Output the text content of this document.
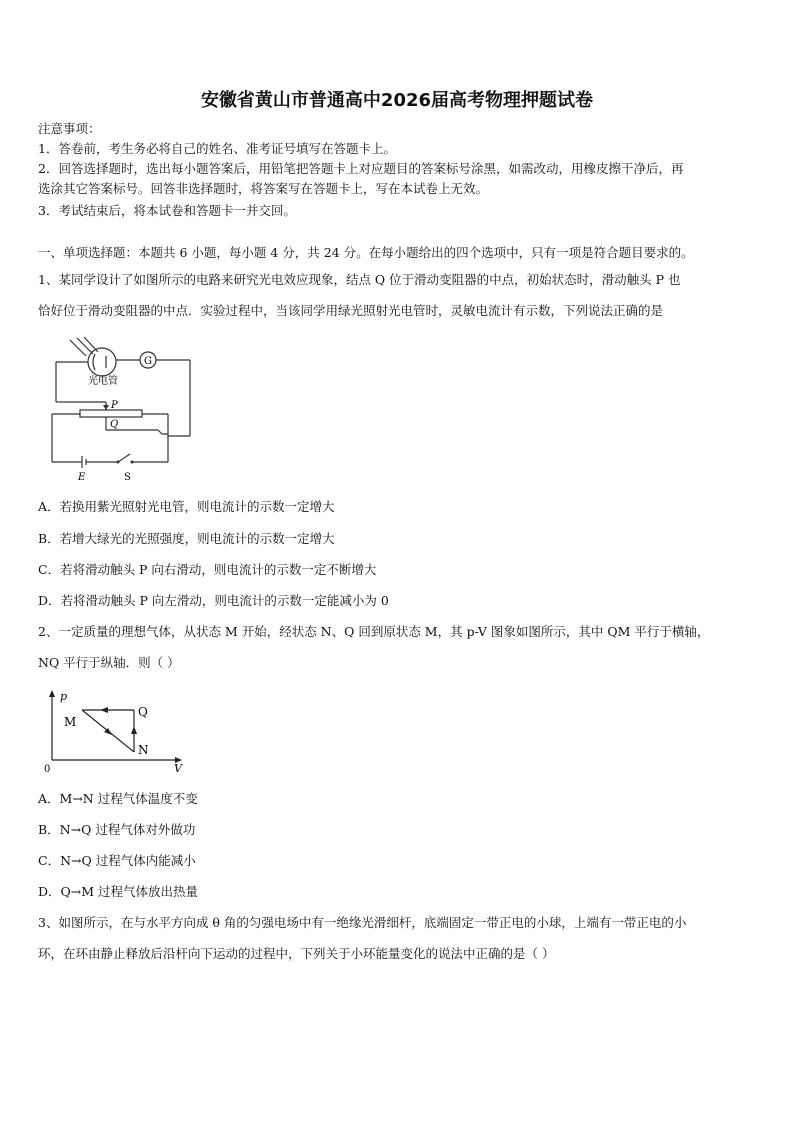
安徽省黄山市普通高中2026届高考物理押题试卷
注意事项：
1．答卷前，考生务必将自己的姓名、准考证号填写在答题卡上。
2．回答选择题时，选出每小题答案后，用铅笔把答题卡上对应题目的答案标号涂黑，如需改动，用橡皮擦干净后，再
选涂其它答案标号。回答非选择题时，将答案写在答题卡上，写在本试卷上无效。
3．考试结束后，将本试卷和答题卡一并交回。
一、单项选择题：本题共 6 小题，每小题 4 分，共 24 分。在每小题给出的四个选项中，只有一项是符合题目要求的。
1、某同学设计了如图所示的电路来研究光电效应现象，结点 Q 位于滑动变阻器的中点，初始状态时，滑动触头 P 也
恰好位于滑动变阻器的中点．实验过程中，当该同学用绿光照射光电管时，灵敏电流计有示数，下列说法正确的是
G
光电管
P
Q
E	S
A．若换用紫光照射光电管，则电流计的示数一定增大
B．若增大绿光的光照强度，则电流计的示数一定增大
C．若将滑动触头 P 向右滑动，则电流计的示数一定不断增大
D．若将滑动触头 P 向左滑动，则电流计的示数一定能减小为 0
2、一定质量的理想气体，从状态 M 开始，经状态 N、Q 回到原状态 M，其 p-V 图象如图所示，其中 QM 平行于横轴，
NQ 平行于纵轴．则（ ）
p
V
0
M
Q
N
A．M→N 过程气体温度不变
B．N→Q 过程气体对外做功
C．N→Q 过程气体内能减小
D．Q→M 过程气体放出热量
3、如图所示，在与水平方向成 θ 角的匀强电场中有一绝缘光滑细杆，底端固定一带正电的小球，上端有一带正电的小
环，在环由静止释放后沿杆向下运动的过程中，下列关于小环能量变化的说法中正确的是（ ）
